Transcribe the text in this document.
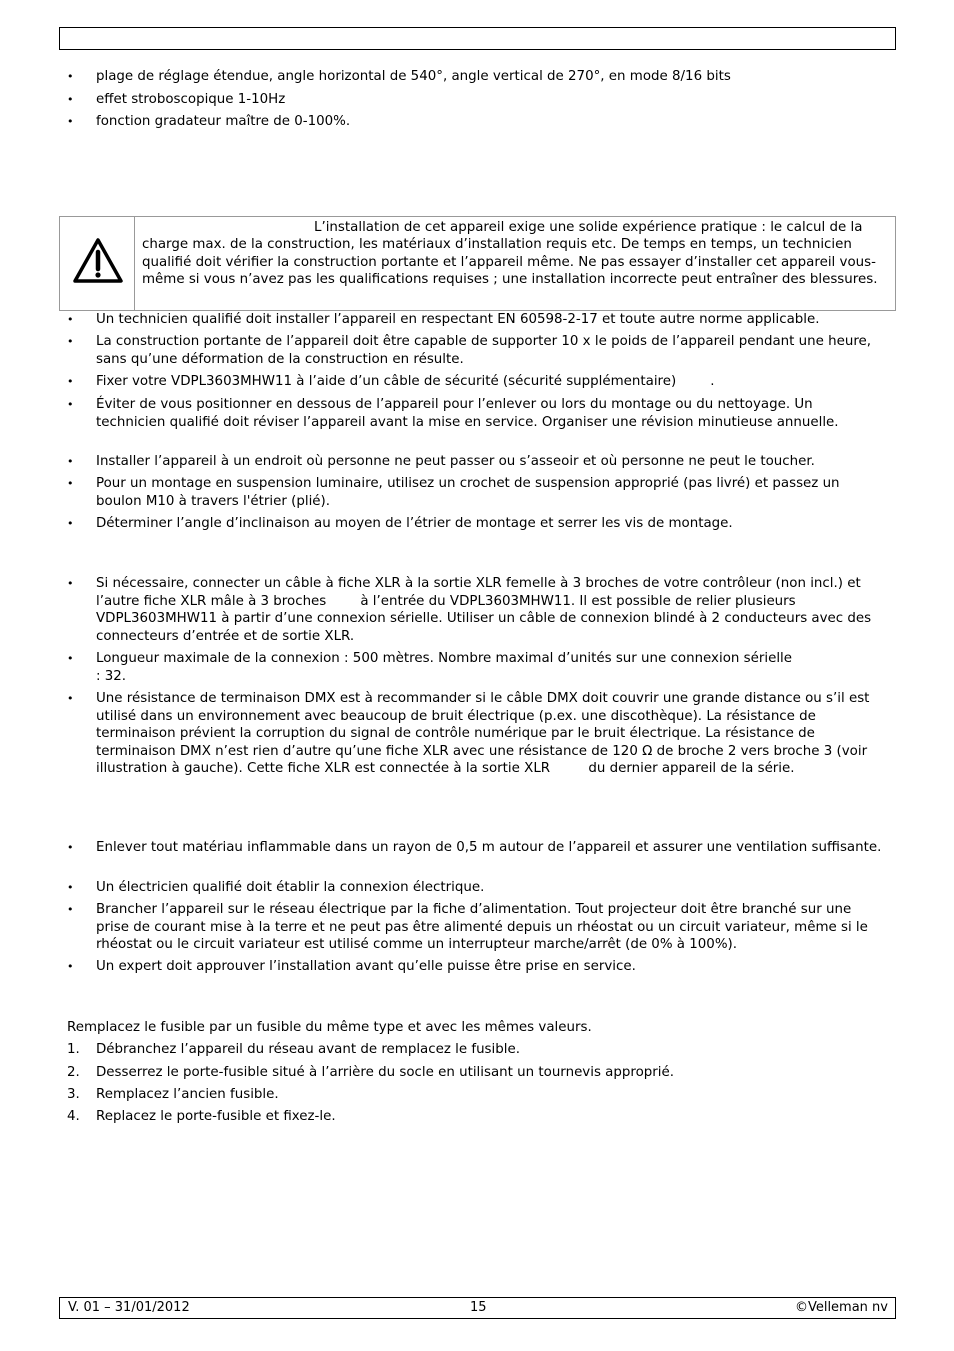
•	plage de réglage étendue, angle horizontal de 540°, angle vertical de 270°, en mode 8/16 bits
•	effet stroboscopique 1-10Hz
•	fonction gradateur maître de 0-100%.
L’installation de cet appareil exige une solide expérience pratique : le calcul de la charge max. de la construction, les matériaux d’installation requis etc. De temps en temps, un technicien qualifié doit vérifier la construction portante et l’appareil même. Ne pas essayer d’installer cet appareil vous-même si vous n’avez pas les qualifications requises ; une installation incorrecte peut entraîner des blessures.
•	Un technicien qualifié doit installer l’appareil en respectant EN 60598-2-17 et toute autre norme applicable.
•	La construction portante de l’appareil doit être capable de supporter 10 x le poids de l’appareil pendant une heure, sans qu’une déformation de la construction en résulte.
•	Fixer votre VDPL3603MHW11 à l’aide d’un câble de sécurité (sécurité supplémentaire)        .
•	Éviter de vous positionner en dessous de l’appareil pour l’enlever ou lors du montage ou du nettoyage. Un technicien qualifié doit réviser l’appareil avant la mise en service. Organiser une révision minutieuse annuelle.
•	Installer l’appareil à un endroit où personne ne peut passer ou s’asseoir et où personne ne peut le toucher.
•	Pour un montage en suspension luminaire, utilisez un crochet de suspension approprié (pas livré) et passez un boulon M10 à travers l'étrier (plié).
•	Déterminer l’angle d’inclinaison au moyen de l’étrier de montage et serrer les vis de montage.
•	Si nécessaire, connecter un câble à fiche XLR à la sortie XLR femelle à 3 broches de votre contrôleur (non incl.) et l’autre fiche XLR mâle à 3 broches        à l’entrée du VDPL3603MHW11. Il est possible de relier plusieurs VDPL3603MHW11 à partir d’une connexion sérielle. Utiliser un câble de connexion blindé à 2 conducteurs avec des connecteurs d’entrée et de sortie XLR.
•	Longueur maximale de la connexion : 500 mètres. Nombre maximal d’unités sur une connexion sérielle : 32.
•	Une résistance de terminaison DMX est à recommander si le câble DMX doit couvrir une grande distance ou s’il est utilisé dans un environnement avec beaucoup de bruit électrique (p.ex. une discothèque). La résistance de terminaison prévient la corruption du signal de contrôle numérique par le bruit électrique. La résistance de terminaison DMX n’est rien d’autre qu’une fiche XLR avec une résistance de 120 Ω de broche 2 vers broche 3 (voir illustration à gauche). Cette fiche XLR est connectée à la sortie XLR         du dernier appareil de la série.
•	Enlever tout matériau inflammable dans un rayon de 0,5 m autour de l’appareil et assurer une ventilation suffisante.
•	Un électricien qualifié doit établir la connexion électrique.
•	Brancher l’appareil sur le réseau électrique par la fiche d’alimentation. Tout projecteur doit être branché sur une prise de courant mise à la terre et ne peut pas être alimenté depuis un rhéostat ou un circuit variateur, même si le rhéostat ou le circuit variateur est utilisé comme un interrupteur marche/arrêt (de 0% à 100%).
•	Un expert doit approuver l’installation avant qu’elle puisse être prise en service.
Remplacez le fusible par un fusible du même type et avec les mêmes valeurs.
1. Débranchez l’appareil du réseau avant de remplacez le fusible.
2. Desserrez le porte-fusible situé à l’arrière du socle en utilisant un tournevis approprié.
3. Remplacez l’ancien fusible.
4. Replacez le porte-fusible et fixez-le.
V. 01 – 31/01/2012	15	©Velleman nv
